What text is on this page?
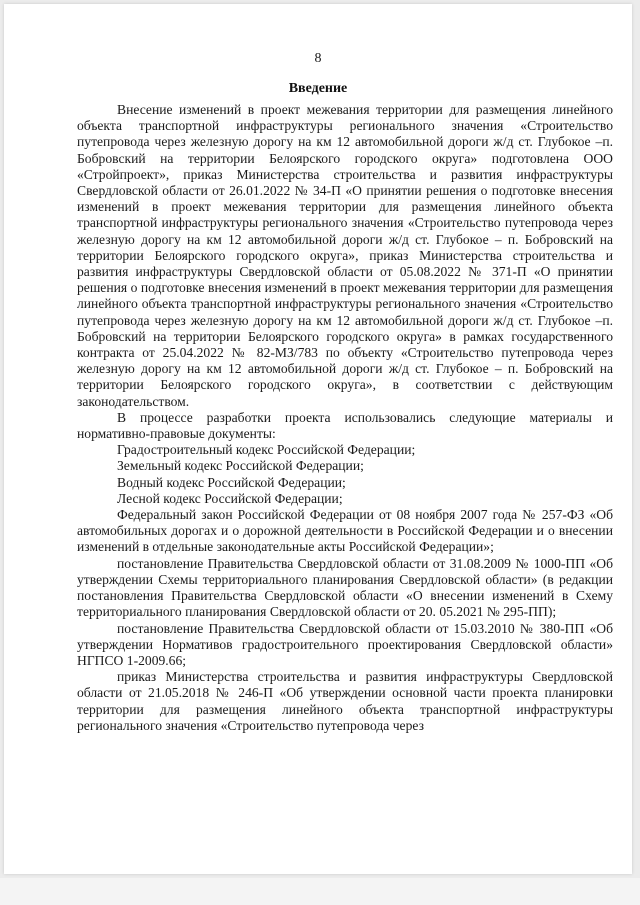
8
Введение

Внесение изменений в проект межевания территории для размещения линейного объекта транспортной инфраструктуры регионального значения «Строительство путепровода через железную дорогу на км 12 автомобильной дороги ж/д ст. Глубокое –п. Бобровский на территории Белоярского городского округа» подготовлена ООО «Стройпроект», приказ Министерства строительства и развития инфраструктуры Свердловской области от 26.01.2022 № 34-П «О принятии решения о подготовке внесения изменений в проект межевания территории для размещения линейного объекта транспортной инфраструктуры регионального значения «Строительство путепровода через железную дорогу на км 12 автомобильной дороги ж/д ст. Глубокое – п. Бобровский на территории Белоярского городского округа», приказ Министерства строительства и развития инфраструктуры Свердловской области от 05.08.2022 № 371-П «О принятии решения о подготовке внесения изменений в проект межевания территории для размещения линейного объекта транспортной инфраструктуры регионального значения «Строительство путепровода через железную дорогу на км 12 автомобильной дороги ж/д ст. Глубокое –п. Бобровский на территории Белоярского городского округа» в рамках государственного контракта от 25.04.2022 № 82-МЗ/783 по объекту «Строительство путепровода через железную дорогу на км 12 автомобильной дороги ж/д ст. Глубокое – п. Бобровский на территории Белоярского городского округа», в соответствии с действующим законодательством.

В процессе разработки проекта использовались следующие материалы и нормативно-правовые документы:

Градостроительный кодекс Российской Федерации;

Земельный кодекс Российской Федерации;

Водный кодекс Российской Федерации;

Лесной кодекс Российской Федерации;

Федеральный закон Российской Федерации от 08 ноября 2007 года № 257-ФЗ «Об автомобильных дорогах и о дорожной деятельности в Российской Федерации и о внесении изменений в отдельные законодательные акты Российской Федерации»;

постановление Правительства Свердловской области от 31.08.2009 № 1000-ПП «Об утверждении Схемы территориального планирования Свердловской области» (в редакции постановления Правительства Свердловской области «О внесении изменений в Схему территориального планирования Свердловской области от 20. 05.2021 № 295-ПП);

постановление Правительства Свердловской области от 15.03.2010 № 380-ПП «Об утверждении Нормативов градостроительного проектирования Свердловской области» НГПСО 1-2009.66;

приказ Министерства строительства и развития инфраструктуры Свердловской области от 21.05.2018 № 246-П «Об утверждении основной части проекта планировки территории для размещения линейного объекта транспортной инфраструктуры регионального значения «Строительство путепровода через
